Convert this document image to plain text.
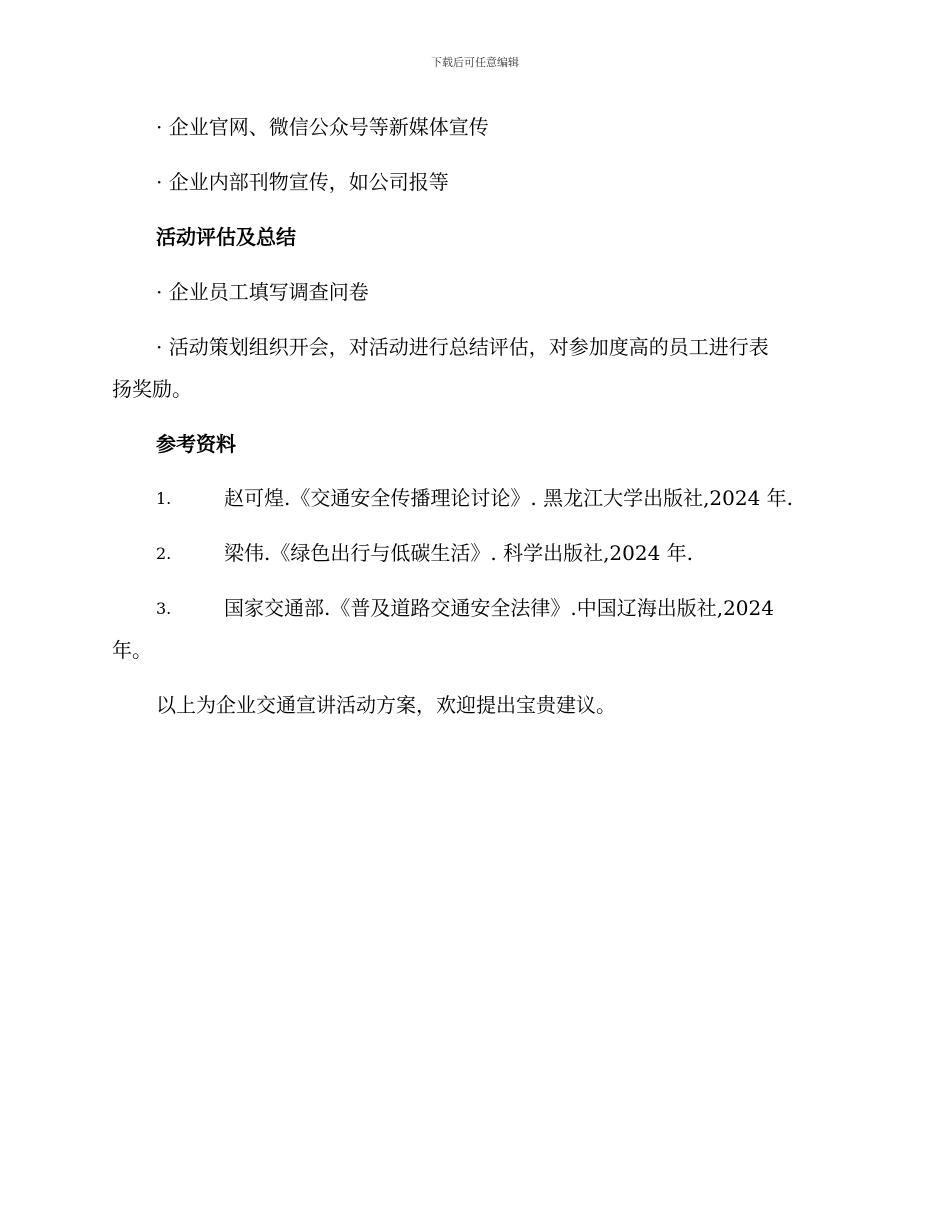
下载后可任意编辑
· 企业官网、微信公众号等新媒体宣传
· 企业内部刊物宣传，如公司报等
活动评估及总结
· 企业员工填写调查问卷
· 活动策划组织开会，对活动进行总结评估，对参加度高的员工进行表
扬奖励。
参考资料
1.	赵可煌.《交通安全传播理论讨论》. 黑龙江大学出版社,2024 年.
2.	梁伟.《绿色出行与低碳生活》. 科学出版社,2024 年.
3.	国家交通部.《普及道路交通安全法律》.中国辽海出版社,2024
年。
以上为企业交通宣讲活动方案，欢迎提出宝贵建议。
